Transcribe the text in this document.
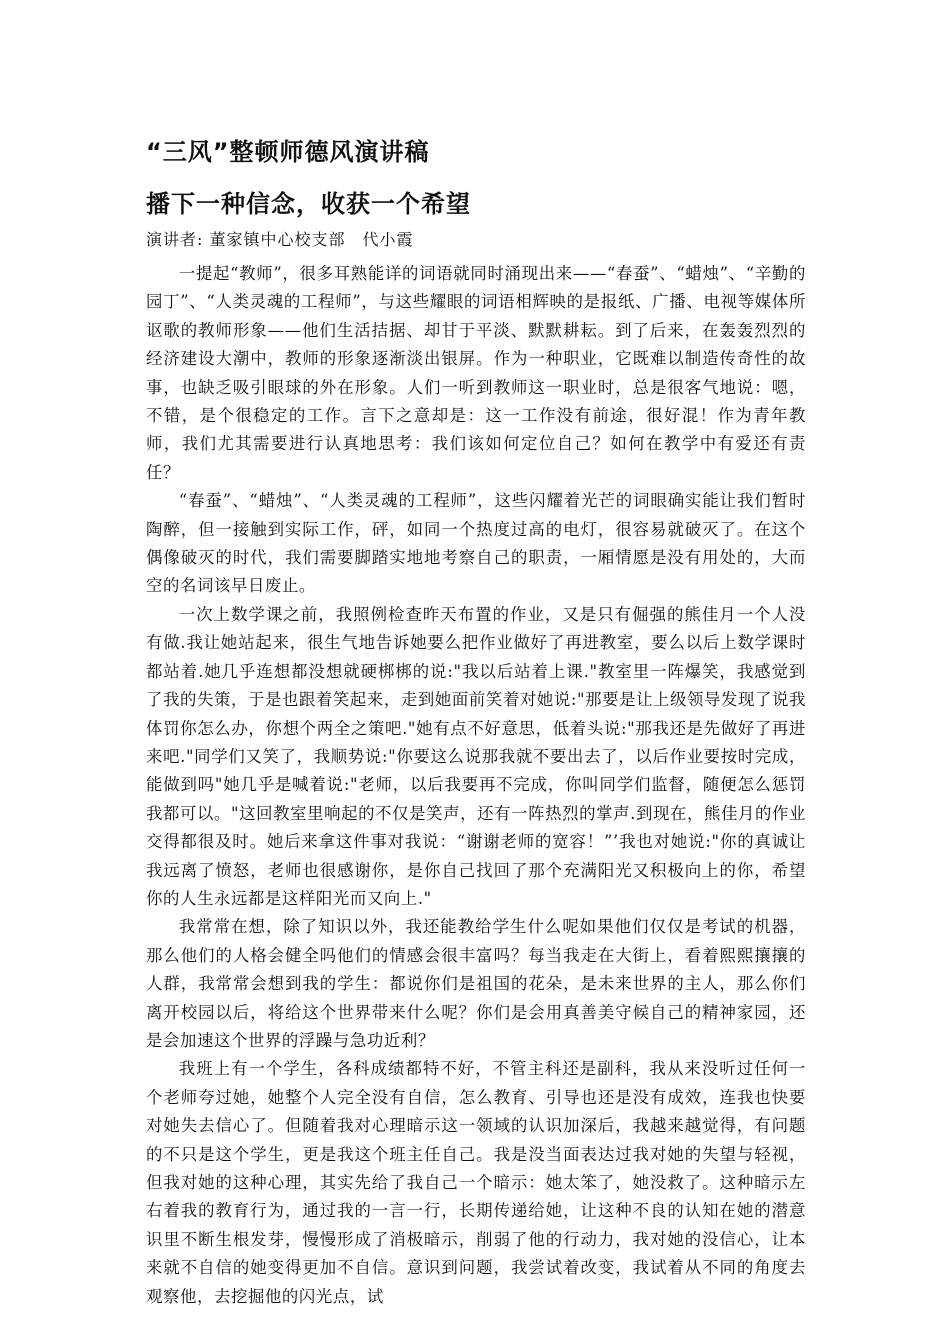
“三风”整顿师德风演讲稿
播下一种信念，收获一个希望
演讲者: 董家镇中心校支部　代小霞

一提起“教师”，很多耳熟能详的词语就同时涌现出来——“春蚕”、“蜡烛”、“辛勤的园丁”、“人类灵魂的工程师”，与这些耀眼的词语相辉映的是报纸、广播、电视等媒体所讴歌的教师形象——他们生活拮据、却甘于平淡、默默耕耘。到了后来，在轰轰烈烈的经济建设大潮中，教师的形象逐渐淡出银屏。作为一种职业，它既难以制造传奇性的故事，也缺乏吸引眼球的外在形象。人们一听到教师这一职业时，总是很客气地说：嗯，不错，是个很稳定的工作。言下之意却是：这一工作没有前途，很好混！作为青年教师，我们尤其需要进行认真地思考：我们该如何定位自己？如何在教学中有爱还有责任？

“春蚕”、“蜡烛”、“人类灵魂的工程师”，这些闪耀着光芒的词眼确实能让我们暂时陶醉，但一接触到实际工作，砰，如同一个热度过高的电灯，很容易就破灭了。在这个偶像破灭的时代，我们需要脚踏实地地考察自己的职责，一厢情愿是没有用处的，大而空的名词该早日废止。

一次上数学课之前，我照例检查昨天布置的作业，又是只有倔强的熊佳月一个人没有做.我让她站起来，很生气地告诉她要么把作业做好了再进教室，要么以后上数学课时都站着.她几乎连想都没想就硬梆梆的说:"我以后站着上课."教室里一阵爆笑，我感觉到了我的失策，于是也跟着笑起来，走到她面前笑着对她说:"那要是让上级领导发现了说我体罚你怎么办，你想个两全之策吧."她有点不好意思，低着头说:"那我还是先做好了再进来吧."同学们又笑了，我顺势说:"你要这么说那我就不要出去了，以后作业要按时完成，能做到吗"她几乎是喊着说:"老师，以后我要再不完成，你叫同学们监督，随便怎么惩罚我都可以。"这回教室里响起的不仅是笑声，还有一阵热烈的掌声.到现在，熊佳月的作业交得都很及时。她后来拿这件事对我说：“谢谢老师的宽容！”’我也对她说:"你的真诚让我远离了愤怒，老师也很感谢你，是你自己找回了那个充满阳光又积极向上的你，希望你的人生永远都是这样阳光而又向上."

我常常在想，除了知识以外，我还能教给学生什么呢如果他们仅仅是考试的机器，那么他们的人格会健全吗他们的情感会很丰富吗？每当我走在大街上，看着熙熙攘攘的人群，我常常会想到我的学生：都说你们是祖国的花朵，是未来世界的主人，那么你们离开校园以后，将给这个世界带来什么呢？你们是会用真善美守候自己的精神家园，还是会加速这个世界的浮躁与急功近利？

我班上有一个学生，各科成绩都特不好，不管主科还是副科，我从来没听过任何一个老师夸过她，她整个人完全没有自信，怎么教育、引导也还是没有成效，连我也快要对她失去信心了。但随着我对心理暗示这一领域的认识加深后，我越来越觉得，有问题的不只是这个学生，更是我这个班主任自己。我是没当面表达过我对她的失望与轻视，但我对她的这种心理，其实先给了我自己一个暗示：她太笨了，她没救了。这种暗示左右着我的教育行为，通过我的一言一行，长期传递给她，让这种不良的认知在她的潜意识里不断生根发芽，慢慢形成了消极暗示，削弱了他的行动力，我对她的没信心，让本来就不自信的她变得更加不自信。意识到问题，我尝试着改变，我试着从不同的角度去观察他，去挖掘他的闪光点，试
